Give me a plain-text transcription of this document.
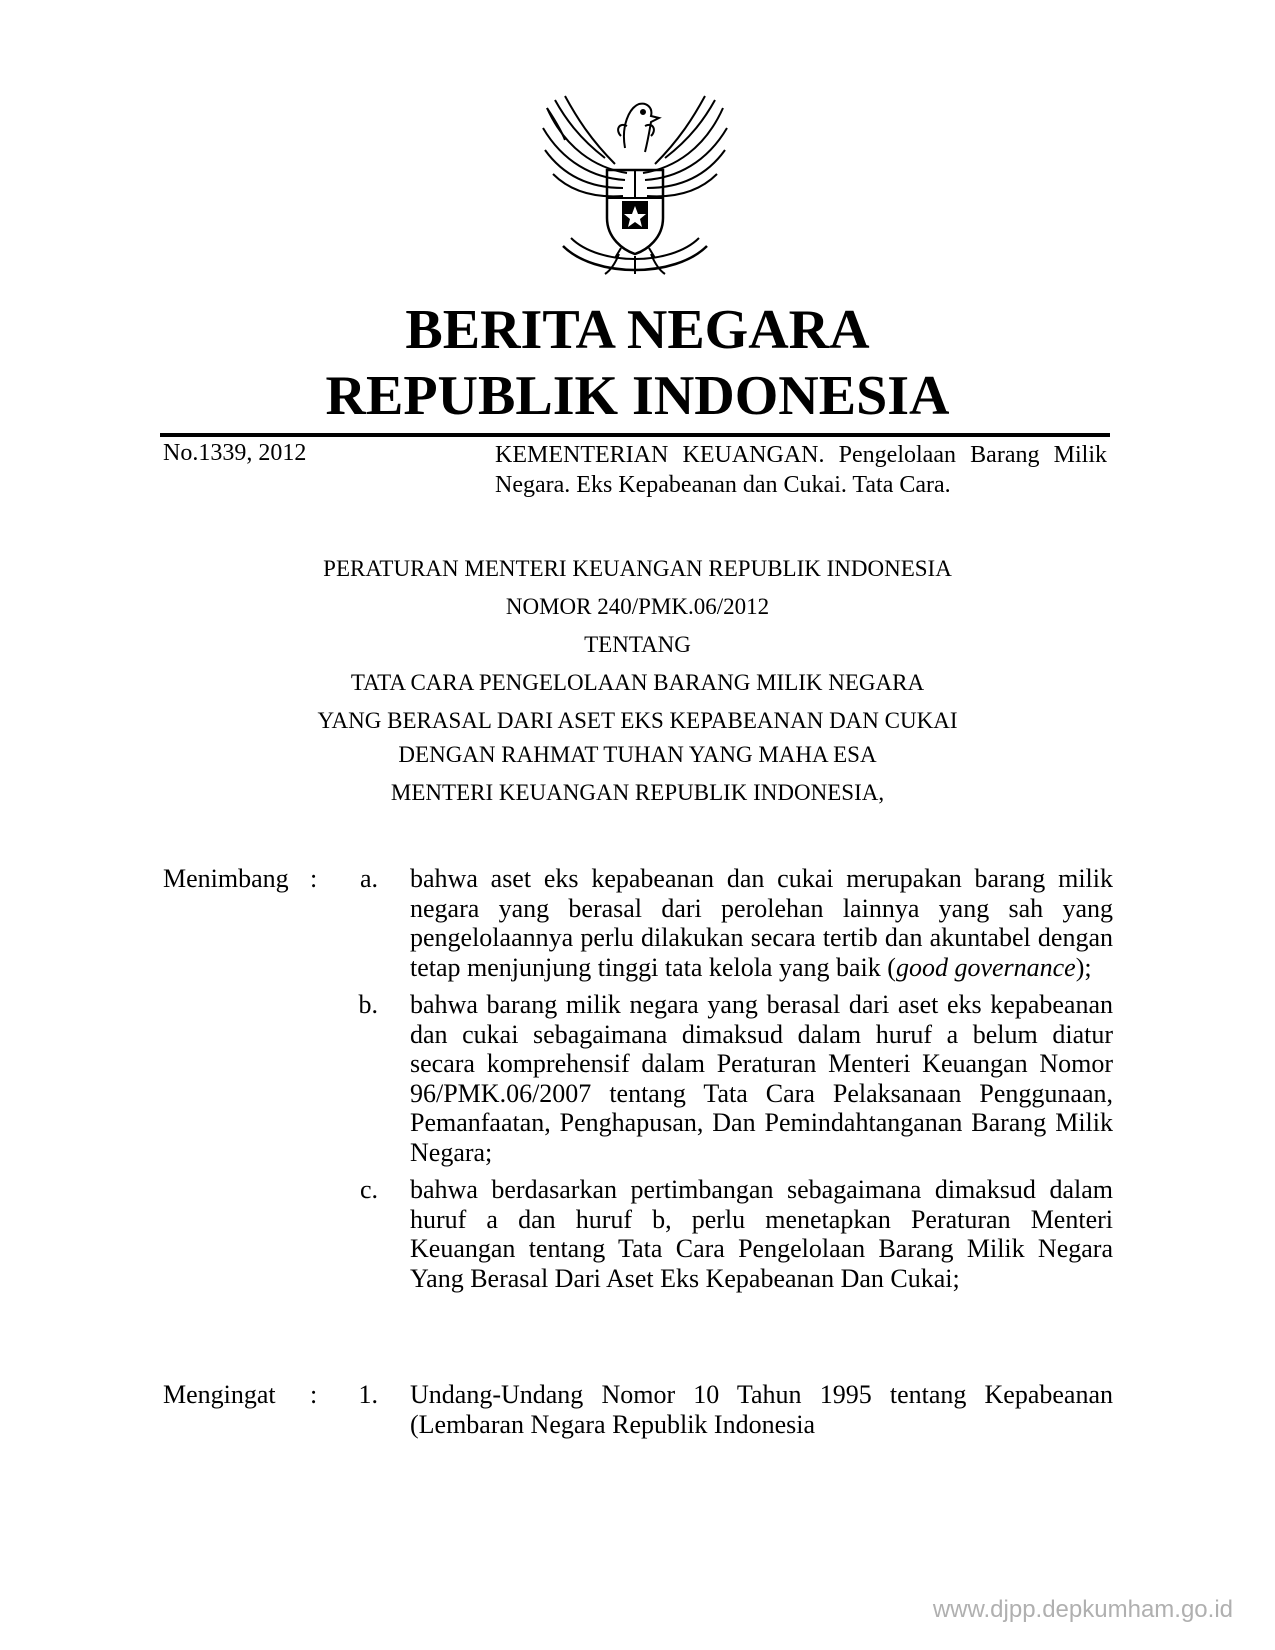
BERITA NEGARA
REPUBLIK INDONESIA
No.1339, 2012	KEMENTERIAN KEUANGAN. Pengelolaan Barang Milik Negara. Eks Kepabeanan dan Cukai. Tata Cara.
PERATURAN MENTERI KEUANGAN REPUBLIK INDONESIA
NOMOR 240/PMK.06/2012
TENTANG
TATA CARA PENGELOLAAN BARANG MILIK NEGARA
YANG BERASAL DARI ASET EKS KEPABEANAN DAN CUKAI
DENGAN RAHMAT TUHAN YANG MAHA ESA
MENTERI KEUANGAN REPUBLIK INDONESIA,
Menimbang :	a. bahwa aset eks kepabeanan dan cukai merupakan barang milik negara yang berasal dari perolehan lainnya yang sah yang pengelolaannya perlu dilakukan secara tertib dan akuntabel dengan tetap menjunjung tinggi tata kelola yang baik (good governance);
b. bahwa barang milik negara yang berasal dari aset eks kepabeanan dan cukai sebagaimana dimaksud dalam huruf a belum diatur secara komprehensif dalam Peraturan Menteri Keuangan Nomor 96/PMK.06/2007 tentang Tata Cara Pelaksanaan Penggunaan, Pemanfaatan, Penghapusan, Dan Pemindahtanganan Barang Milik Negara;
c. bahwa berdasarkan pertimbangan sebagaimana dimaksud dalam huruf a dan huruf b, perlu menetapkan Peraturan Menteri Keuangan tentang Tata Cara Pengelolaan Barang Milik Negara Yang Berasal Dari Aset Eks Kepabeanan Dan Cukai;
Mengingat :	1. Undang-Undang Nomor 10 Tahun 1995 tentang Kepabeanan (Lembaran Negara Republik Indonesia
www.djpp.depkumham.go.id
